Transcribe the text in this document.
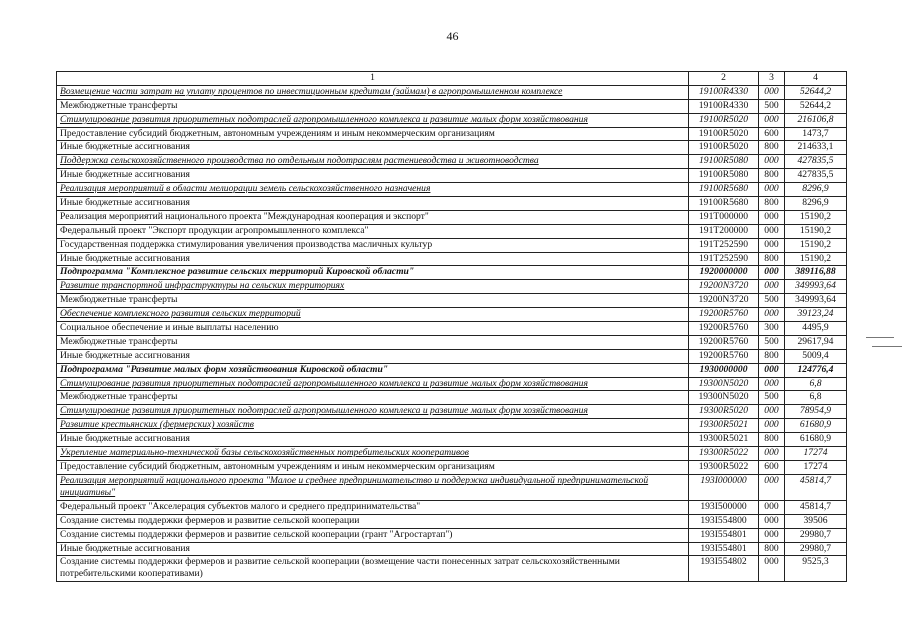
46
1	2	3	4
Возмещение части затрат на уплату процентов по инвестиционным кредитам (займам) в агропромышленном комплексе	19100R4330	000	52644,2
Межбюджетные трансферты	19100R4330	500	52644,2
Стимулирование развития приоритетных подотраслей агропромышленного комплекса и развитие малых форм хозяйствования	19100R5020	000	216106,8
Предоставление субсидий бюджетным, автономным учреждениям и иным некоммерческим организациям	19100R5020	600	1473,7
Иные бюджетные ассигнования	19100R5020	800	214633,1
Поддержка сельскохозяйственного производства по отдельным подотраслям растениеводства и животноводства	19100R5080	000	427835,5
Иные бюджетные ассигнования	19100R5080	800	427835,5
Реализация мероприятий в области мелиорации земель сельскохозяйственного назначения	19100R5680	000	8296,9
Иные бюджетные ассигнования	19100R5680	800	8296,9
Реализация мероприятий национального проекта "Международная кооперация и экспорт"	191T000000	000	15190,2
Федеральный проект "Экспорт продукции агропромышленного комплекса"	191T200000	000	15190,2
Государственная поддержка стимулирования увеличения производства масличных культур	191T252590	000	15190,2
Иные бюджетные ассигнования	191T252590	800	15190,2
Подпрограмма "Комплексное развитие сельских территорий Кировской области"	1920000000	000	389116,88
Развитие транспортной инфраструктуры на сельских территориях	19200N3720	000	349993,64
Межбюджетные трансферты	19200N3720	500	349993,64
Обеспечение комплексного развития сельских территорий	19200R5760	000	39123,24
Социальное обеспечение и иные выплаты населению	19200R5760	300	4495,9
Межбюджетные трансферты	19200R5760	500	29617,94
Иные бюджетные ассигнования	19200R5760	800	5009,4
Подпрограмма "Развитие малых форм хозяйствования Кировской области"	1930000000	000	124776,4
Стимулирование развития приоритетных подотраслей агропромышленного комплекса и развитие малых форм хозяйствования	19300N5020	000	6,8
Межбюджетные трансферты	19300N5020	500	6,8
Стимулирование развития приоритетных подотраслей агропромышленного комплекса и развитие малых форм хозяйствования	19300R5020	000	78954,9
Развитие крестьянских (фермерских) хозяйств	19300R5021	000	61680,9
Иные бюджетные ассигнования	19300R5021	800	61680,9
Укрепление материально-технической базы сельскохозяйственных потребительских кооперативов	19300R5022	000	17274
Предоставление субсидий бюджетным, автономным учреждениям и иным некоммерческим организациям	19300R5022	600	17274
Реализация мероприятий национального проекта "Малое и среднее предпринимательство и поддержка индивидуальной предпринимательской инициативы"	193I000000	000	45814,7
Федеральный проект "Акселерация субъектов малого и среднего предпринимательства"	193I500000	000	45814,7
Создание системы поддержки фермеров и развитие сельской кооперации	193I554800	000	39506
Создание системы поддержки фермеров и развитие сельской кооперации (грант "Агростартап")	193I554801	000	29980,7
Иные бюджетные ассигнования	193I554801	800	29980,7
Создание системы поддержки фермеров и развитие сельской кооперации (возмещение части понесенных затрат сельскохозяйственными потребительскими кооперативами)	193I554802	000	9525,3
